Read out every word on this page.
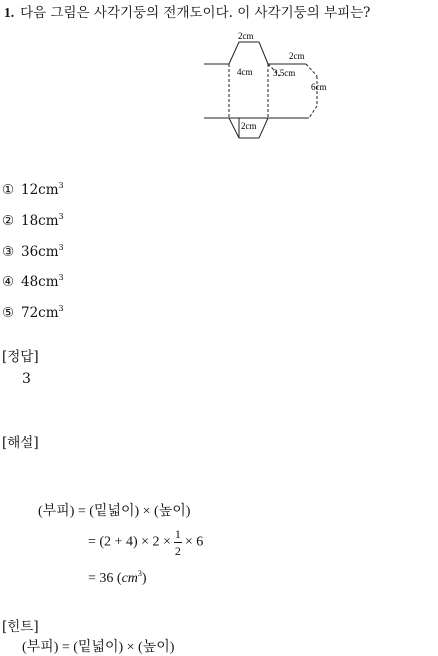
1. 다음 그림은 사각기둥의 전개도이다. 이 사각기둥의 부피는?
2cm
2cm
4cm 3.5cm
6cm
2cm
① $12cm^3$
② $18cm^3$
③ $36cm^3$
④ $48cm^3$
⑤ $72cm^3$
[정답]
3
[해설]
(부피) = (밑넓이) × (높이)
= $(2 + 4) \times 2 \times \frac{1}{2} \times 6$
= 36 $(cm^3)$
[힌트]
(부피) = (밑넓이) × (높이)
